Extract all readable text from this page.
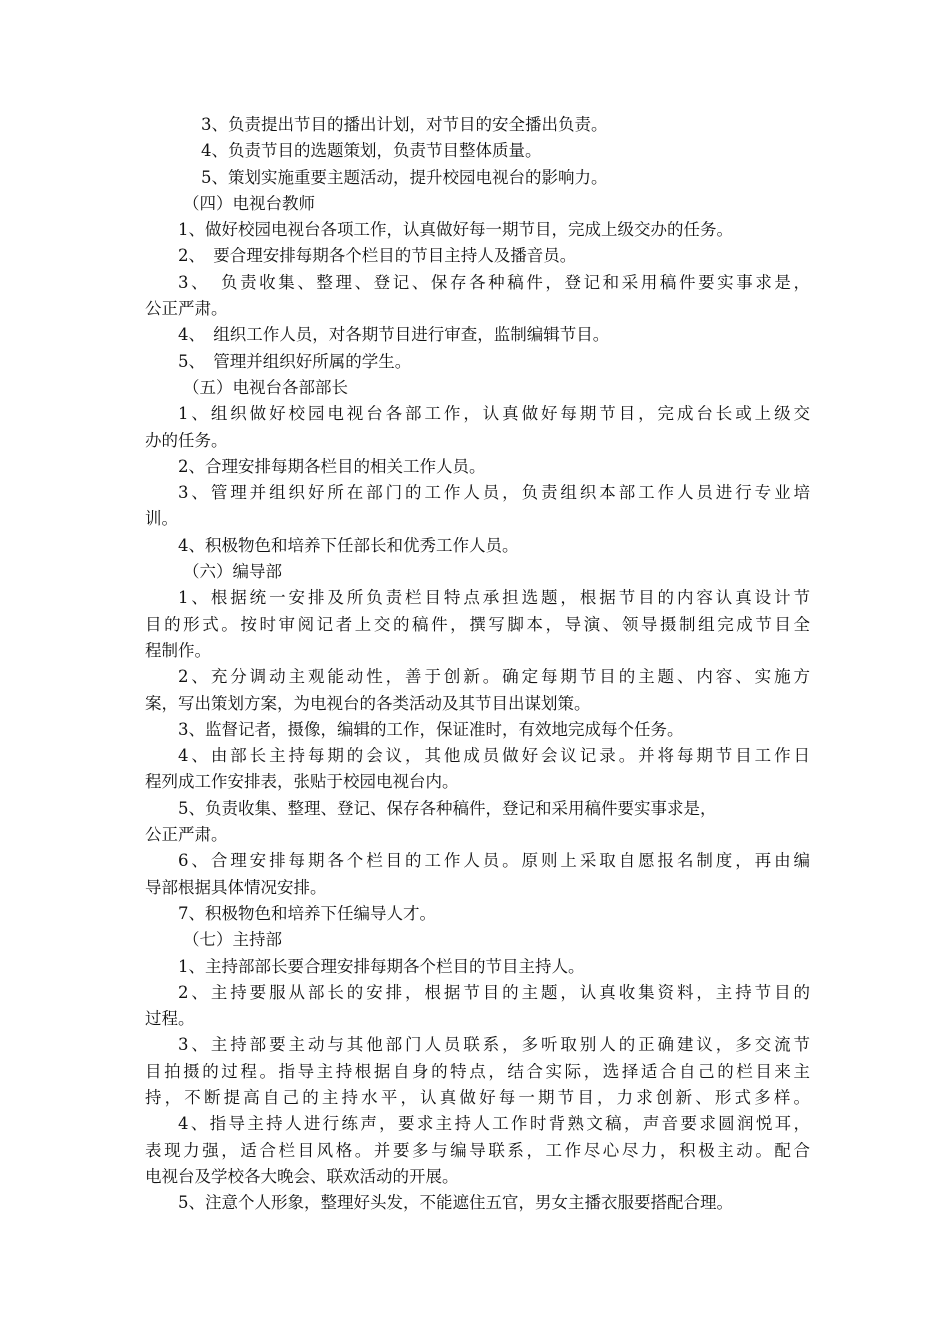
3、负责提出节目的播出计划，对节目的安全播出负责。
4、负责节目的选题策划，负责节目整体质量。
5、策划实施重要主题活动，提升校园电视台的影响力。
（四）电视台教师
1、做好校园电视台各项工作，认真做好每一期节目，完成上级交办的任务。
2、　要合理安排每期各个栏目的节目主持人及播音员。
3、　负责收集、整理、登记、保存各种稿件，登记和采用稿件要实事求是，
公正严肃。
4、　组织工作人员，对各期节目进行审查，监制编辑节目。
5、　管理并组织好所属的学生。
（五）电视台各部部长
1、组织做好校园电视台各部工作，认真做好每期节目，完成台长或上级交
办的任务。
2、合理安排每期各栏目的相关工作人员。
3、管理并组织好所在部门的工作人员，负责组织本部工作人员进行专业培
训。
4、积极物色和培养下任部长和优秀工作人员。
（六）编导部
1、根据统一安排及所负责栏目特点承担选题，根据节目的内容认真设计节
目的形式。按时审阅记者上交的稿件，撰写脚本，导演、领导摄制组完成节目全
程制作。
2、充分调动主观能动性，善于创新。确定每期节目的主题、内容、实施方
案，写出策划方案，为电视台的各类活动及其节目出谋划策。
3、监督记者，摄像，编辑的工作，保证准时，有效地完成每个任务。
4、由部长主持每期的会议，其他成员做好会议记录。并将每期节目工作日
程列成工作安排表，张贴于校园电视台内。
5、负责收集、整理、登记、保存各种稿件，登记和采用稿件要实事求是，
公正严肃。
6、合理安排每期各个栏目的工作人员。原则上采取自愿报名制度，再由编
导部根据具体情况安排。
7、积极物色和培养下任编导人才。
（七）主持部
1、主持部部长要合理安排每期各个栏目的节目主持人。
2、主持要服从部长的安排，根据节目的主题，认真收集资料，主持节目的
过程。
3、主持部要主动与其他部门人员联系，多听取别人的正确建议，多交流节
目拍摄的过程。指导主持根据自身的特点，结合实际，选择适合自己的栏目来主
持，不断提高自己的主持水平，认真做好每一期节目，力求创新、形式多样。
4、指导主持人进行练声，要求主持人工作时背熟文稿，声音要求圆润悦耳，
表现力强，适合栏目风格。并要多与编导联系，工作尽心尽力，积极主动。配合
电视台及学校各大晚会、联欢活动的开展。
5、注意个人形象，整理好头发，不能遮住五官，男女主播衣服要搭配合理。
